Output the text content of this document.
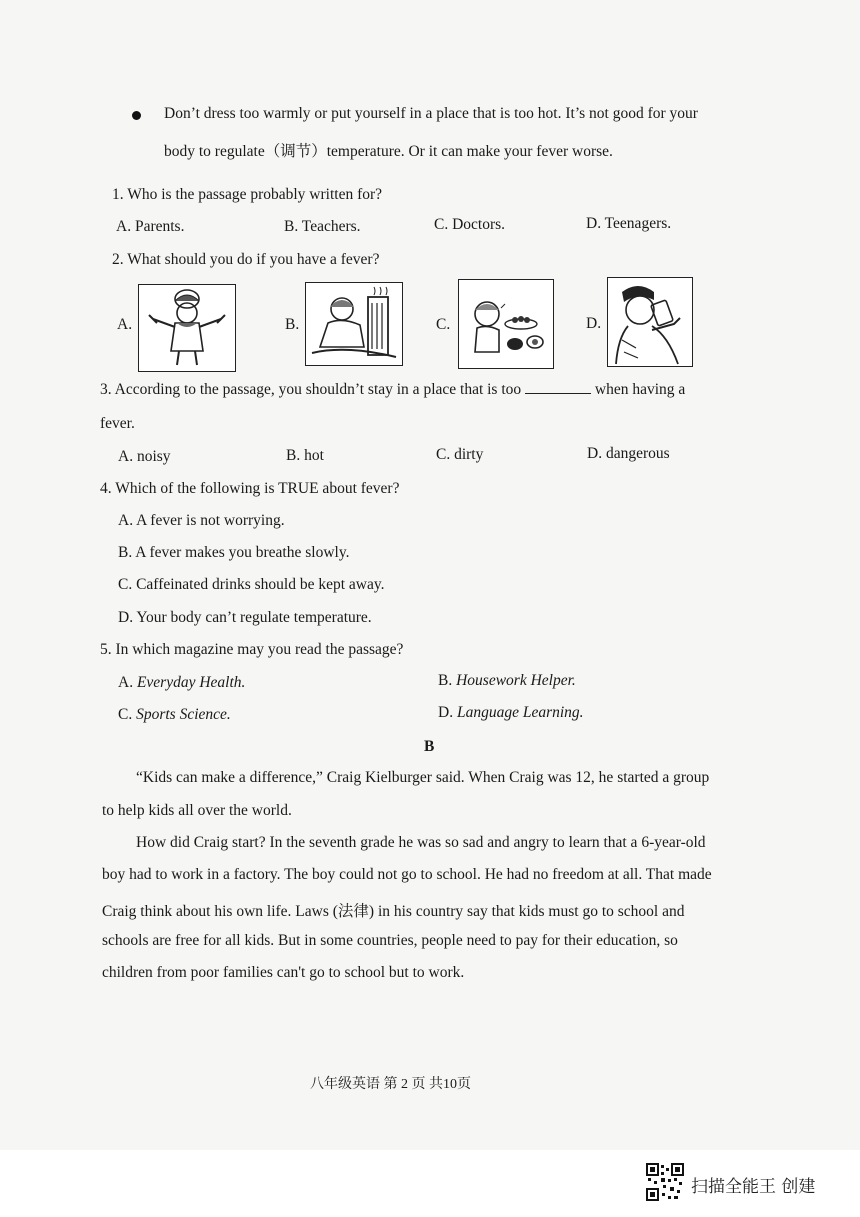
Don’t dress too warmly or put yourself in a place that is too hot. It’s not good for your
body to regulate（调节）temperature. Or it can make your fever worse.
1. Who is the passage probably written for?
A. Parents.	B. Teachers.	C. Doctors.	D. Teenagers.
2. What should you do if you have a fever?
A.	B.	C.	D.
3. According to the passage, you shouldn’t stay in a place that is too	when having a
fever.
A. noisy	B. hot	C. dirty	D. dangerous
4. Which of the following is TRUE about fever?
A. A fever is not worrying.
B. A fever makes you breathe slowly.
C. Caffeinated drinks should be kept away.
D. Your body can’t regulate temperature.
5. In which magazine may you read the passage?
A. Everyday Health.	B. Housework Helper.
C. Sports Science.	D. Language Learning.
B
“Kids can make a difference,” Craig Kielburger said. When Craig was 12, he started a group
to help kids all over the world.
How did Craig start? In the seventh grade he was so sad and angry to learn that a 6-year-old
boy had to work in a factory. The boy could not go to school. He had no freedom at all. That made
Craig think about his own life. Laws (法律) in his country say that kids must go to school and
schools are free for all kids. But in some countries, people need to pay for their education, so
children from poor families can't go to school but to work.
八年级英语 第 2 页 共10页
扫描全能王 创建
